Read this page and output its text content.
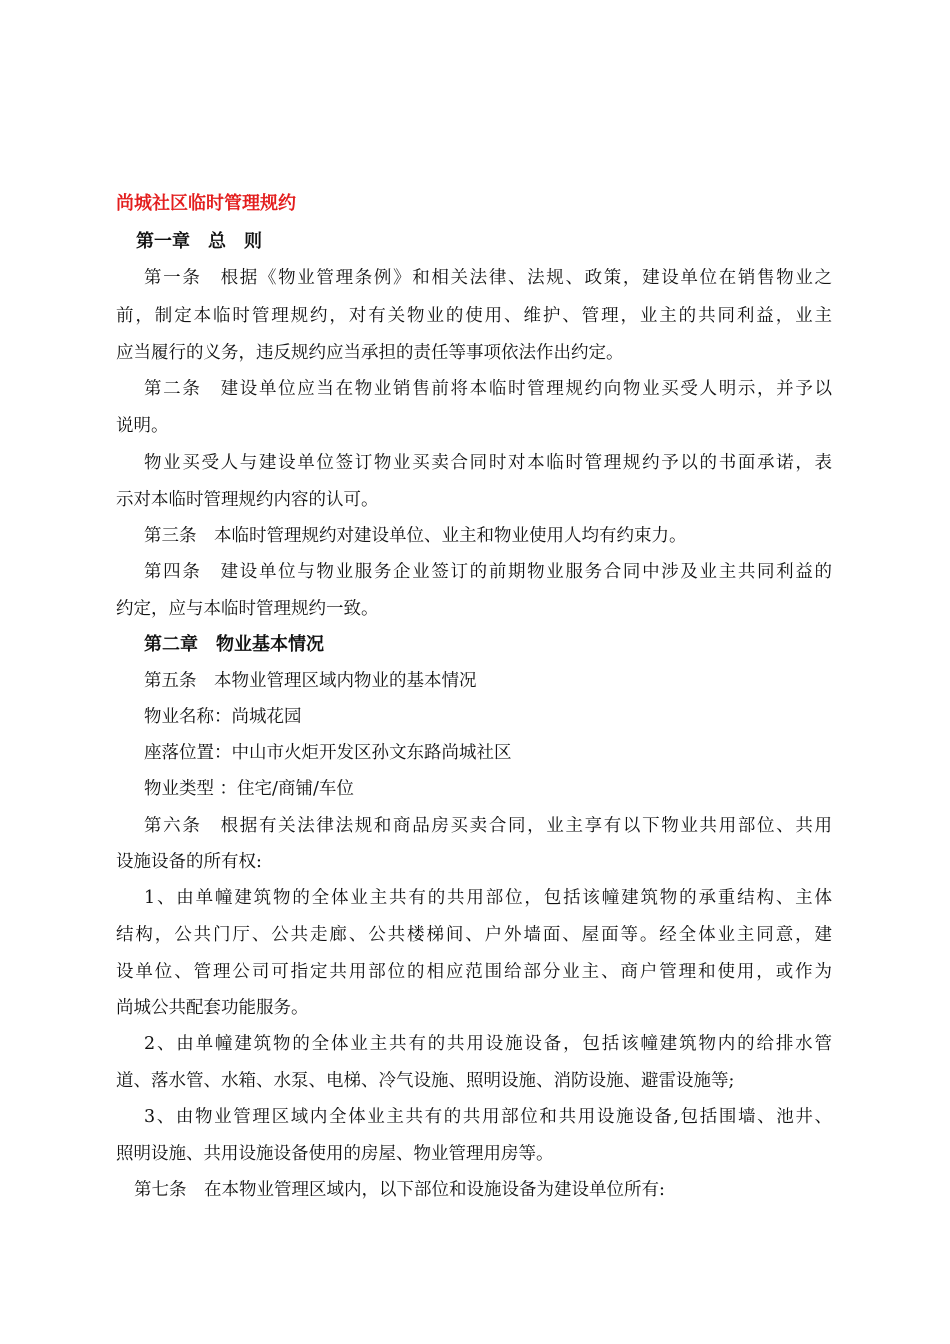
尚城社区临时管理规约
第一章　总　则
第一条　根据《物业管理条例》和相关法律、法规、政策，建设单位在销售物业之
前，制定本临时管理规约，对有关物业的使用、维护、管理，业主的共同利益，业主
应当履行的义务，违反规约应当承担的责任等事项依法作出约定。
第二条　建设单位应当在物业销售前将本临时管理规约向物业买受人明示，并予以
说明。
物业买受人与建设单位签订物业买卖合同时对本临时管理规约予以的书面承诺，表
示对本临时管理规约内容的认可。
第三条　本临时管理规约对建设单位、业主和物业使用人均有约束力。
第四条　建设单位与物业服务企业签订的前期物业服务合同中涉及业主共同利益的
约定，应与本临时管理规约一致。
第二章　物业基本情况
第五条　本物业管理区域内物业的基本情况
物业名称：尚城花园
座落位置：中山市火炬开发区孙文东路尚城社区
物业类型 ：住宅/商铺/车位
第六条　根据有关法律法规和商品房买卖合同，业主享有以下物业共用部位、共用
设施设备的所有权:
1、由单幢建筑物的全体业主共有的共用部位，包括该幢建筑物的承重结构、主体
结构，公共门厅、公共走廊、公共楼梯间、户外墙面、屋面等。经全体业主同意，建
设单位、管理公司可指定共用部位的相应范围给部分业主、商户管理和使用，或作为
尚城公共配套功能服务。
2、由单幢建筑物的全体业主共有的共用设施设备，包括该幢建筑物内的给排水管
道、落水管、水箱、水泵、电梯、冷气设施、照明设施、消防设施、避雷设施等;
3、由物业管理区域内全体业主共有的共用部位和共用设施设备,包括围墙、池井、
照明设施、共用设施设备使用的房屋、物业管理用房等。
第七条　在本物业管理区域内，以下部位和设施设备为建设单位所有:
